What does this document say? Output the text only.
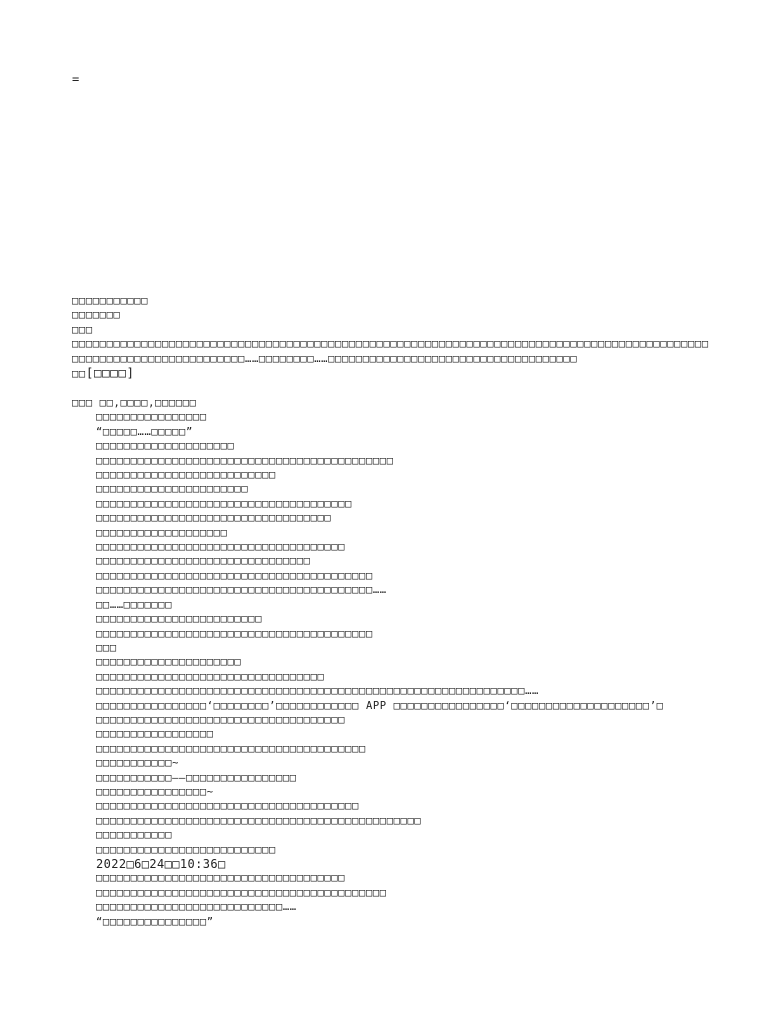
=
□□□□□□□□□□□
□□□□□□□
□□□
□□□□□□□□□□□□□□□□□□□□□□□□□□□□□□□□□□□□□□□□□□□□□□□□□□□□□□□□□□□□□□□□□□□□□□□□□□□□□□□□□□□□□□□□□□□□□□□□□□□□□□□□□□□□□□□□□□□□□……□□□□□□□□……□□□□□□□□□□□□□□□□□□□□□□□□□□□□□□□□□□□□
□□[□□□□]
□□□ □□,□□□□,□□□□□□
□□□□□□□□□□□□□□□□
“□□□□□……□□□□□”
□□□□□□□□□□□□□□□□□□□□
□□□□□□□□□□□□□□□□□□□□□□□□□□□□□□□□□□□□□□□□□□□
□□□□□□□□□□□□□□□□□□□□□□□□□□
□□□□□□□□□□□□□□□□□□□□□□
□□□□□□□□□□□□□□□□□□□□□□□□□□□□□□□□□□□□□
□□□□□□□□□□□□□□□□□□□□□□□□□□□□□□□□□□
□□□□□□□□□□□□□□□□□□□
□□□□□□□□□□□□□□□□□□□□□□□□□□□□□□□□□□□□
□□□□□□□□□□□□□□□□□□□□□□□□□□□□□□□
□□□□□□□□□□□□□□□□□□□□□□□□□□□□□□□□□□□□□□□□
□□□□□□□□□□□□□□□□□□□□□□□□□□□□□□□□□□□□□□□□……
□□……□□□□□□□
□□□□□□□□□□□□□□□□□□□□□□□□
□□□□□□□□□□□□□□□□□□□□□□□□□□□□□□□□□□□□□□□□
□□□
□□□□□□□□□□□□□□□□□□□□□
□□□□□□□□□□□□□□□□□□□□□□□□□□□□□□□□□
□□□□□□□□□□□□□□□□□□□□□□□□□□□□□□□□□□□□□□□□□□□□□□□□□□□□□□□□□□□□□□……
□□□□□□□□□□□□□□□□‘□□□□□□□□’□□□□□□□□□□□□ APP □□□□□□□□□□□□□□□□‘□□□□□□□□□□□□□□□□□□□□’□
□□□□□□□□□□□□□□□□□□□□□□□□□□□□□□□□□□□□
□□□□□□□□□□□□□□□□□
□□□□□□□□□□□□□□□□□□□□□□□□□□□□□□□□□□□□□□□
□□□□□□□□□□□~
□□□□□□□□□□□——□□□□□□□□□□□□□□□□
□□□□□□□□□□□□□□□□~
□□□□□□□□□□□□□□□□□□□□□□□□□□□□□□□□□□□□□□
□□□□□□□□□□□□□□□□□□□□□□□□□□□□□□□□□□□□□□□□□□□□□□□
□□□□□□□□□□□
□□□□□□□□□□□□□□□□□□□□□□□□□□
2022□6□24□□10:36□
□□□□□□□□□□□□□□□□□□□□□□□□□□□□□□□□□□□□
□□□□□□□□□□□□□□□□□□□□□□□□□□□□□□□□□□□□□□□□□□
□□□□□□□□□□□□□□□□□□□□□□□□□□□……
“□□□□□□□□□□□□□□□”
